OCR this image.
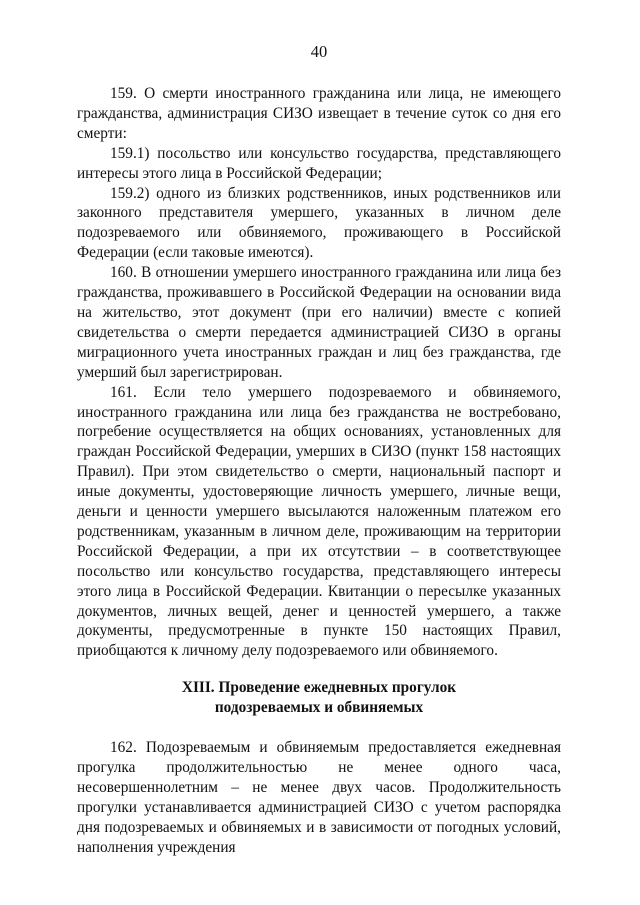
40

159. О смерти иностранного гражданина или лица, не имеющего гражданства, администрация СИЗО извещает в течение суток со дня его смерти:

159.1) посольство или консульство государства, представляющего интересы этого лица в Российской Федерации;

159.2) одного из близких родственников, иных родственников или законного представителя умершего, указанных в личном деле подозреваемого или обвиняемого, проживающего в Российской Федерации (если таковые имеются).

160. В отношении умершего иностранного гражданина или лица без гражданства, проживавшего в Российской Федерации на основании вида на жительство, этот документ (при его наличии) вместе с копией свидетельства о смерти передается администрацией СИЗО в органы миграционного учета иностранных граждан и лиц без гражданства, где умерший был зарегистрирован.

161. Если тело умершего подозреваемого и обвиняемого, иностранного гражданина или лица без гражданства не востребовано, погребение осуществляется на общих основаниях, установленных для граждан Российской Федерации, умерших в СИЗО (пункт 158 настоящих Правил). При этом свидетельство о смерти, национальный паспорт и иные документы, удостоверяющие личность умершего, личные вещи, деньги и ценности умершего высылаются наложенным платежом его родственникам, указанным в личном деле, проживающим на территории Российской Федерации, а при их отсутствии – в соответствующее посольство или консульство государства, представляющего интересы этого лица в Российской Федерации. Квитанции о пересылке указанных документов, личных вещей, денег и ценностей умершего, а также документы, предусмотренные в пункте 150 настоящих Правил, приобщаются к личному делу подозреваемого или обвиняемого.

XIII. Проведение ежедневных прогулок
подозреваемых и обвиняемых

162. Подозреваемым и обвиняемым предоставляется ежедневная прогулка продолжительностью не менее одного часа, несовершеннолетним – не менее двух часов. Продолжительность прогулки устанавливается администрацией СИЗО с учетом распорядка дня подозреваемых и обвиняемых и в зависимости от погодных условий, наполнения учреждения
